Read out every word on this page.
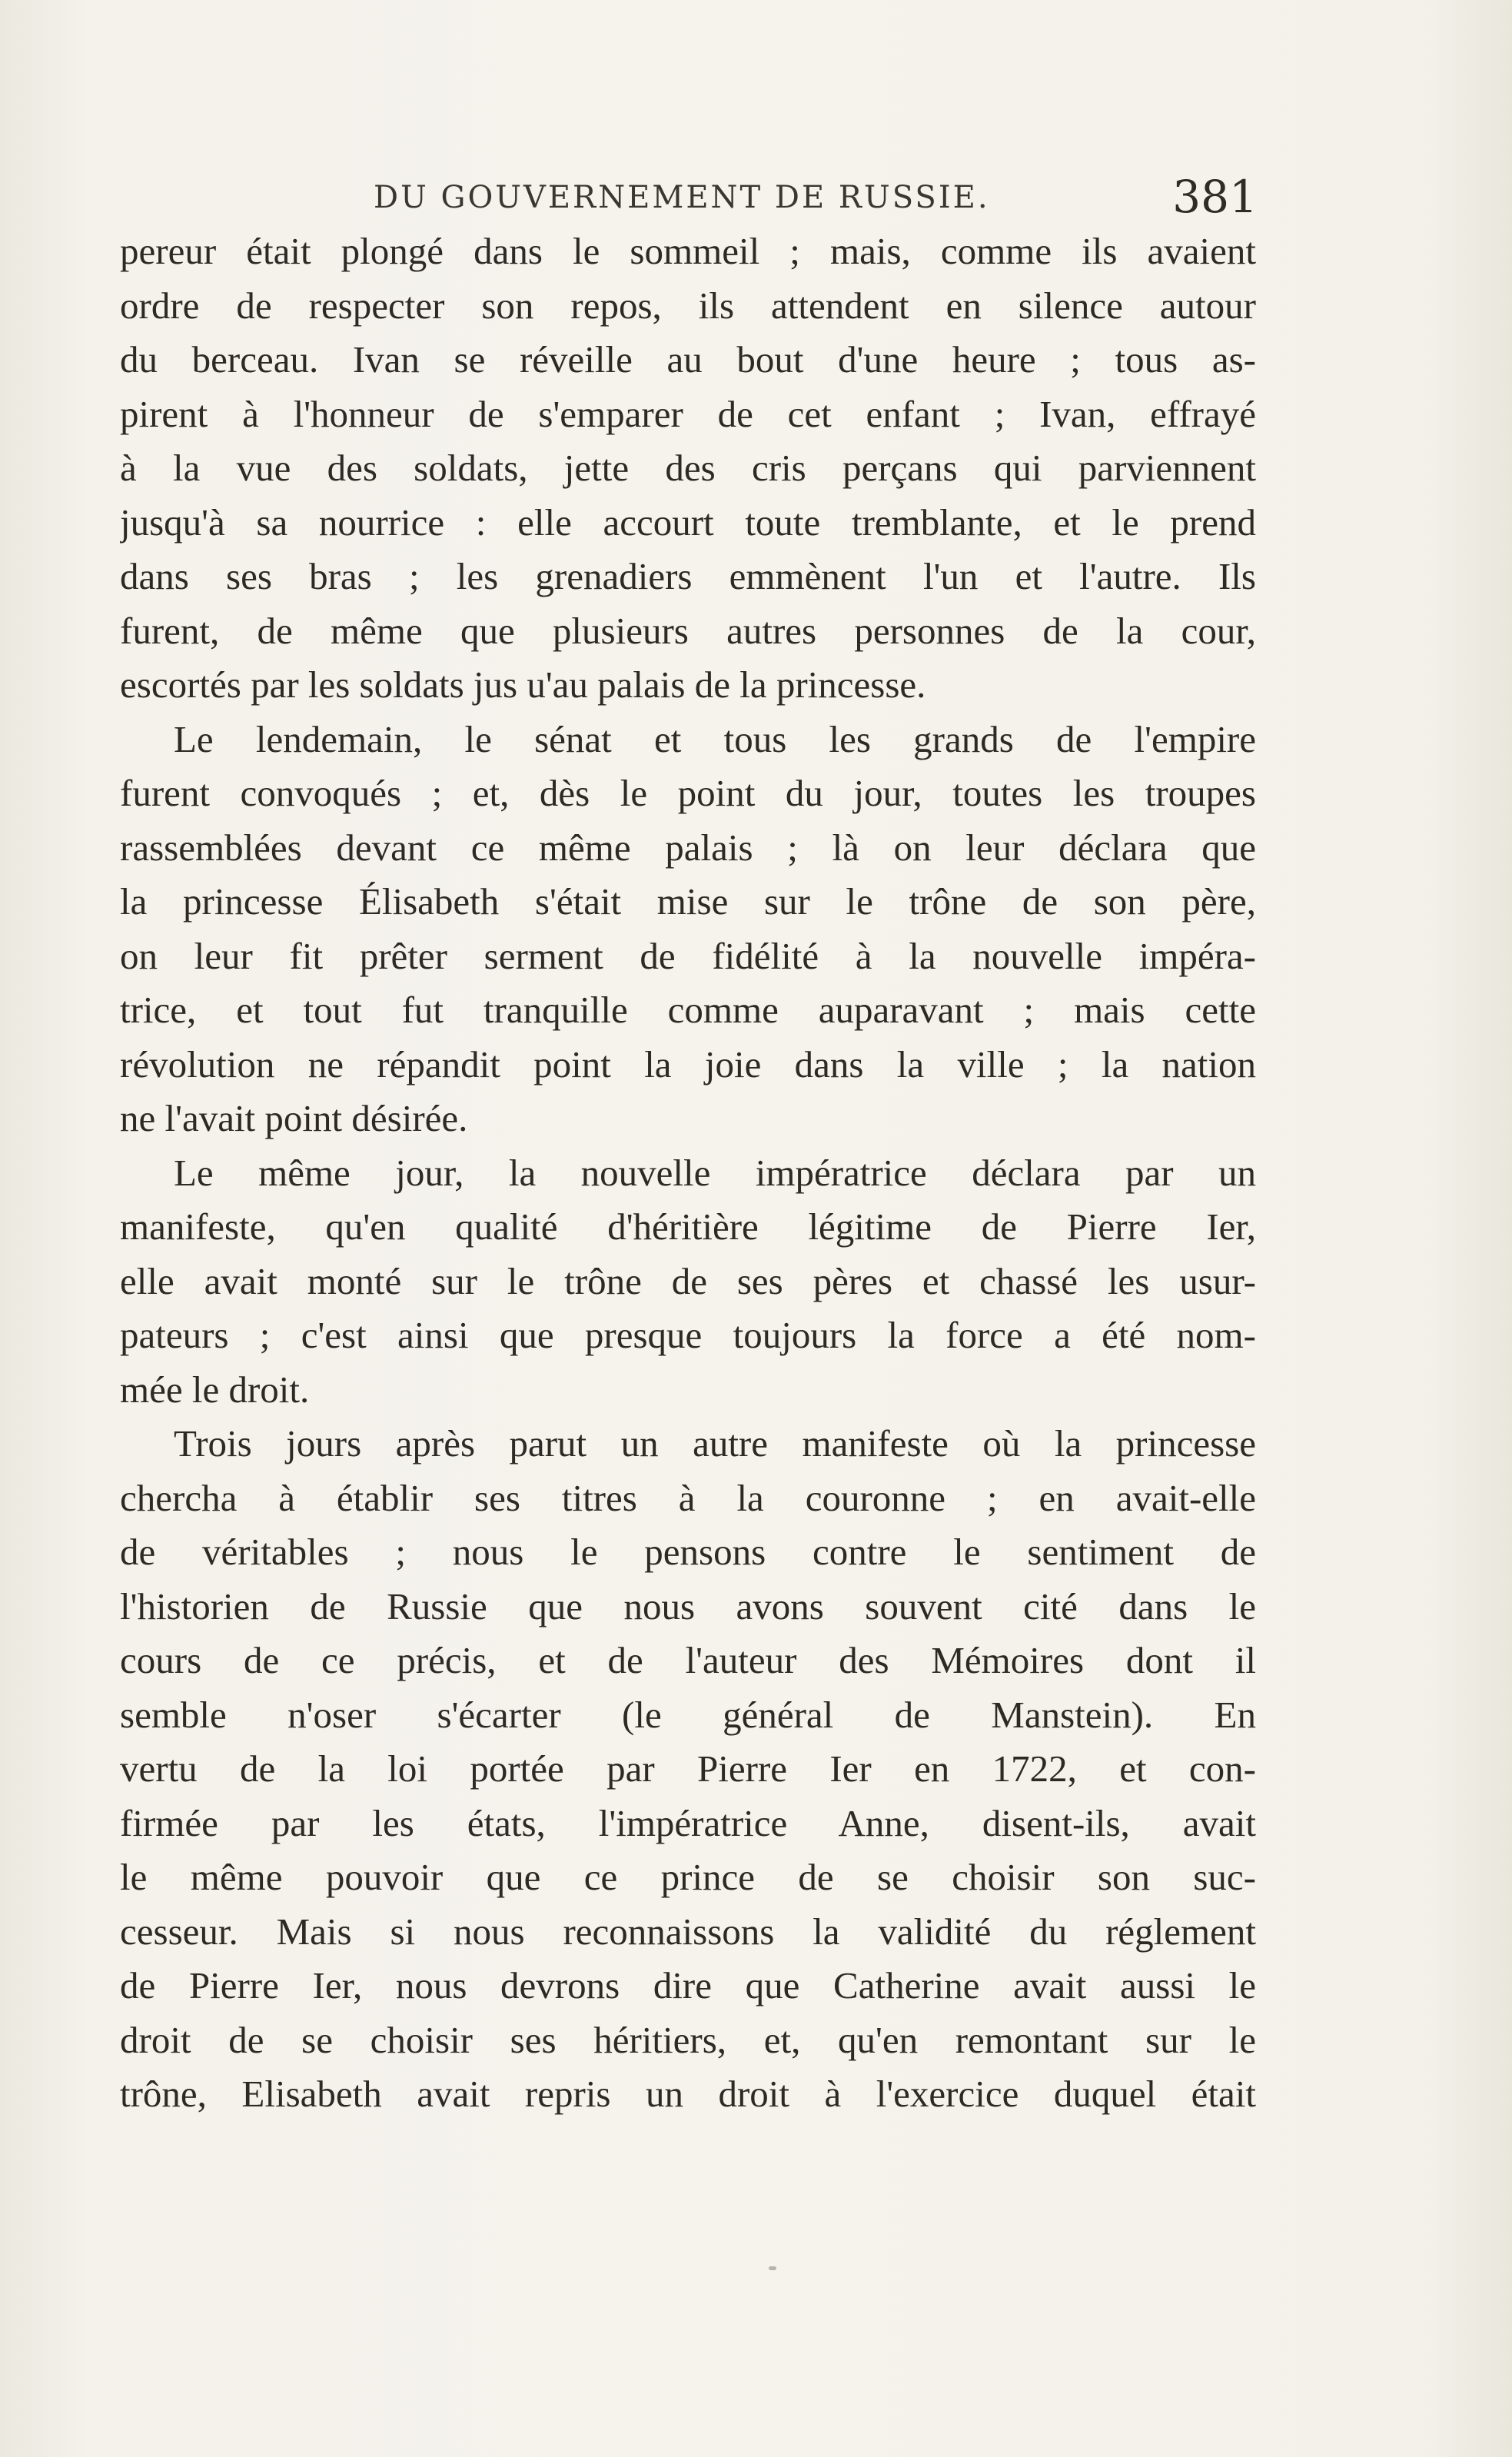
DU GOUVERNEMENT DE RUSSIE.	381
pereur était plongé dans le sommeil ; mais, comme ils avaient
ordre de respecter son repos, ils attendent en silence autour
du berceau. Ivan se réveille au bout d'une heure ; tous as-
pirent à l'honneur de s'emparer de cet enfant ; Ivan, effrayé
à la vue des soldats, jette des cris perçans qui parviennent
jusqu'à sa nourrice : elle accourt toute tremblante, et le prend
dans ses bras ; les grenadiers emmènent l'un et l'autre. Ils
furent, de même que plusieurs autres personnes de la cour,
escortés par les soldats jus u'au palais de la princesse.
Le lendemain, le sénat et tous les grands de l'empire
furent convoqués ; et, dès le point du jour, toutes les troupes
rassemblées devant ce même palais ; là on leur déclara que
la princesse Élisabeth s'était mise sur le trône de son père,
on leur fit prêter serment de fidélité à la nouvelle impéra-
trice, et tout fut tranquille comme auparavant ; mais cette
révolution ne répandit point la joie dans la ville ; la nation
ne l'avait point désirée.
Le même jour, la nouvelle impératrice déclara par un
manifeste, qu'en qualité d'héritière légitime de Pierre Ier,
elle avait monté sur le trône de ses pères et chassé les usur-
pateurs ; c'est ainsi que presque toujours la force a été nom-
mée le droit.
Trois jours après parut un autre manifeste où la princesse
chercha à établir ses titres à la couronne ; en avait-elle
de véritables ; nous le pensons contre le sentiment de
l'historien de Russie que nous avons souvent cité dans le
cours de ce précis, et de l'auteur des Mémoires dont il
semble n'oser s'écarter (le général de Manstein). En
vertu de la loi portée par Pierre Ier en 1722, et con-
firmée par les états, l'impératrice Anne, disent-ils, avait
le même pouvoir que ce prince de se choisir son suc-
cesseur. Mais si nous reconnaissons la validité du réglement
de Pierre Ier, nous devrons dire que Catherine avait aussi le
droit de se choisir ses héritiers, et, qu'en remontant sur le
trône, Elisabeth avait repris un droit à l'exercice duquel était
